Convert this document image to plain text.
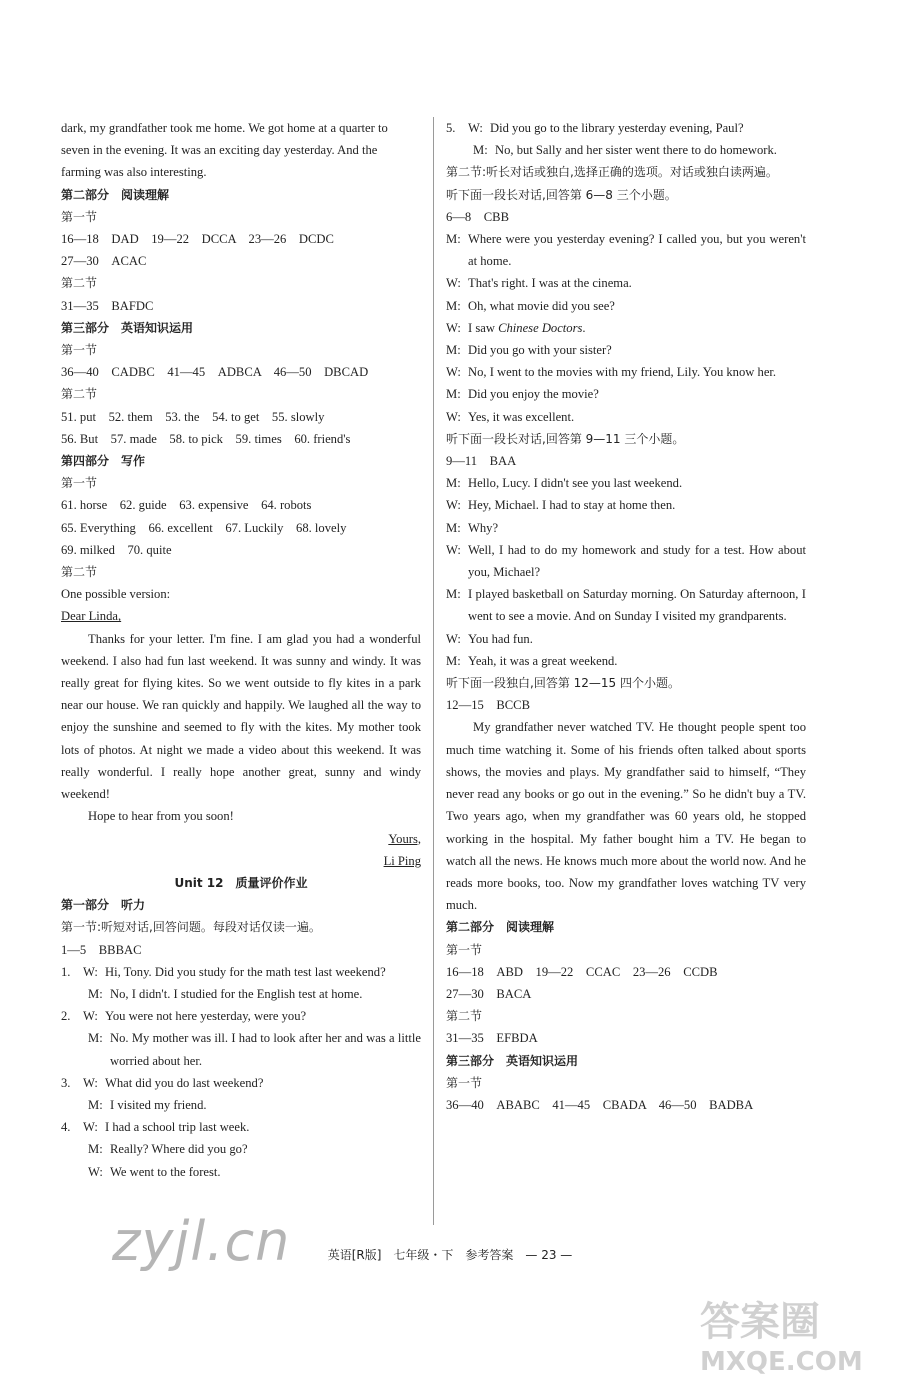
dark, my grandfather took me home. We got home at a quarter to
seven in the evening. It was an exciting day yesterday. And the
farming was also interesting.
第二部分　阅读理解
第一节
16—18　DAD　19—22　DCCA　23—26　DCDC
27—30　ACAC
第二节
31—35　BAFDC
第三部分　英语知识运用
第一节
36—40　CADBC　41—45　ADBCA　46—50　DBCAD
第二节
51. put　52. them　53. the　54. to get　55. slowly
56. But　57. made　58. to pick　59. times　60. friend's
第四部分　写作
第一节
61. horse　62. guide　63. expensive　64. robots
65. Everything　66. excellent　67. Luckily　68. lovely
69. milked　70. quite
第二节
One possible version:
Dear Linda,
Thanks for your letter. I'm fine. I am glad you had a wonderful weekend. I also had fun last weekend. It was sunny and windy. It was really great for flying kites. So we went outside to fly kites in a park near our house. We ran quickly and happily. We laughed all the way to enjoy the sunshine and seemed to fly with the kites. My mother took lots of photos. At night we made a video about this weekend. It was really wonderful. I really hope another great, sunny and windy weekend!
Hope to hear from you soon!
Yours,
Li Ping
Unit 12　质量评价作业
第一部分　听力
第一节:听短对话,回答问题。每段对话仅读一遍。
1—5　BBBAC
1. W: Hi, Tony. Did you study for the math test last weekend?
M: No, I didn't. I studied for the English test at home.
2. W: You were not here yesterday, were you?
M: No. My mother was ill. I had to look after her and was a little worried about her.
3. W: What did you do last weekend?
M: I visited my friend.
4. W: I had a school trip last week.
M: Really? Where did you go?
W: We went to the forest.
5. W: Did you go to the library yesterday evening, Paul?
M: No, but Sally and her sister went there to do homework.
第二节:听长对话或独白,选择正确的选项。对话或独白读两遍。
听下面一段长对话,回答第 6—8 三个小题。
6—8　CBB
M: Where were you yesterday evening? I called you, but you weren't at home.
W: That's right. I was at the cinema.
M: Oh, what movie did you see?
W: I saw Chinese Doctors.
M: Did you go with your sister?
W: No, I went to the movies with my friend, Lily. You know her.
M: Did you enjoy the movie?
W: Yes, it was excellent.
听下面一段长对话,回答第 9—11 三个小题。
9—11　BAA
M: Hello, Lucy. I didn't see you last weekend.
W: Hey, Michael. I had to stay at home then.
M: Why?
W: Well, I had to do my homework and study for a test. How about you, Michael?
M: I played basketball on Saturday morning. On Saturday afternoon, I went to see a movie. And on Sunday I visited my grandparents.
W: You had fun.
M: Yeah, it was a great weekend.
听下面一段独白,回答第 12—15 四个小题。
12—15　BCCB
My grandfather never watched TV. He thought people spent too much time watching it. Some of his friends often talked about sports shows, the movies and plays. My grandfather said to himself, “They never read any books or go out in the evening.” So he didn't buy a TV. Two years ago, when my grandfather was 60 years old, he stopped working in the hospital. My father bought him a TV. He began to watch all the news. He knows much more about the world now. And he reads more books, too. Now my grandfather loves watching TV very much.
第二部分　阅读理解
第一节
16—18　ABD　19—22　CCAC　23—26　CCDB
27—30　BACA
第二节
31—35　EFBDA
第三部分　英语知识运用
第一节
36—40　ABABC　41—45　CBADA　46—50　BADBA
英语[R版]　七年级・下　参考答案　— 23 —
zyjl.cn
答案圈
MXQE.COM
